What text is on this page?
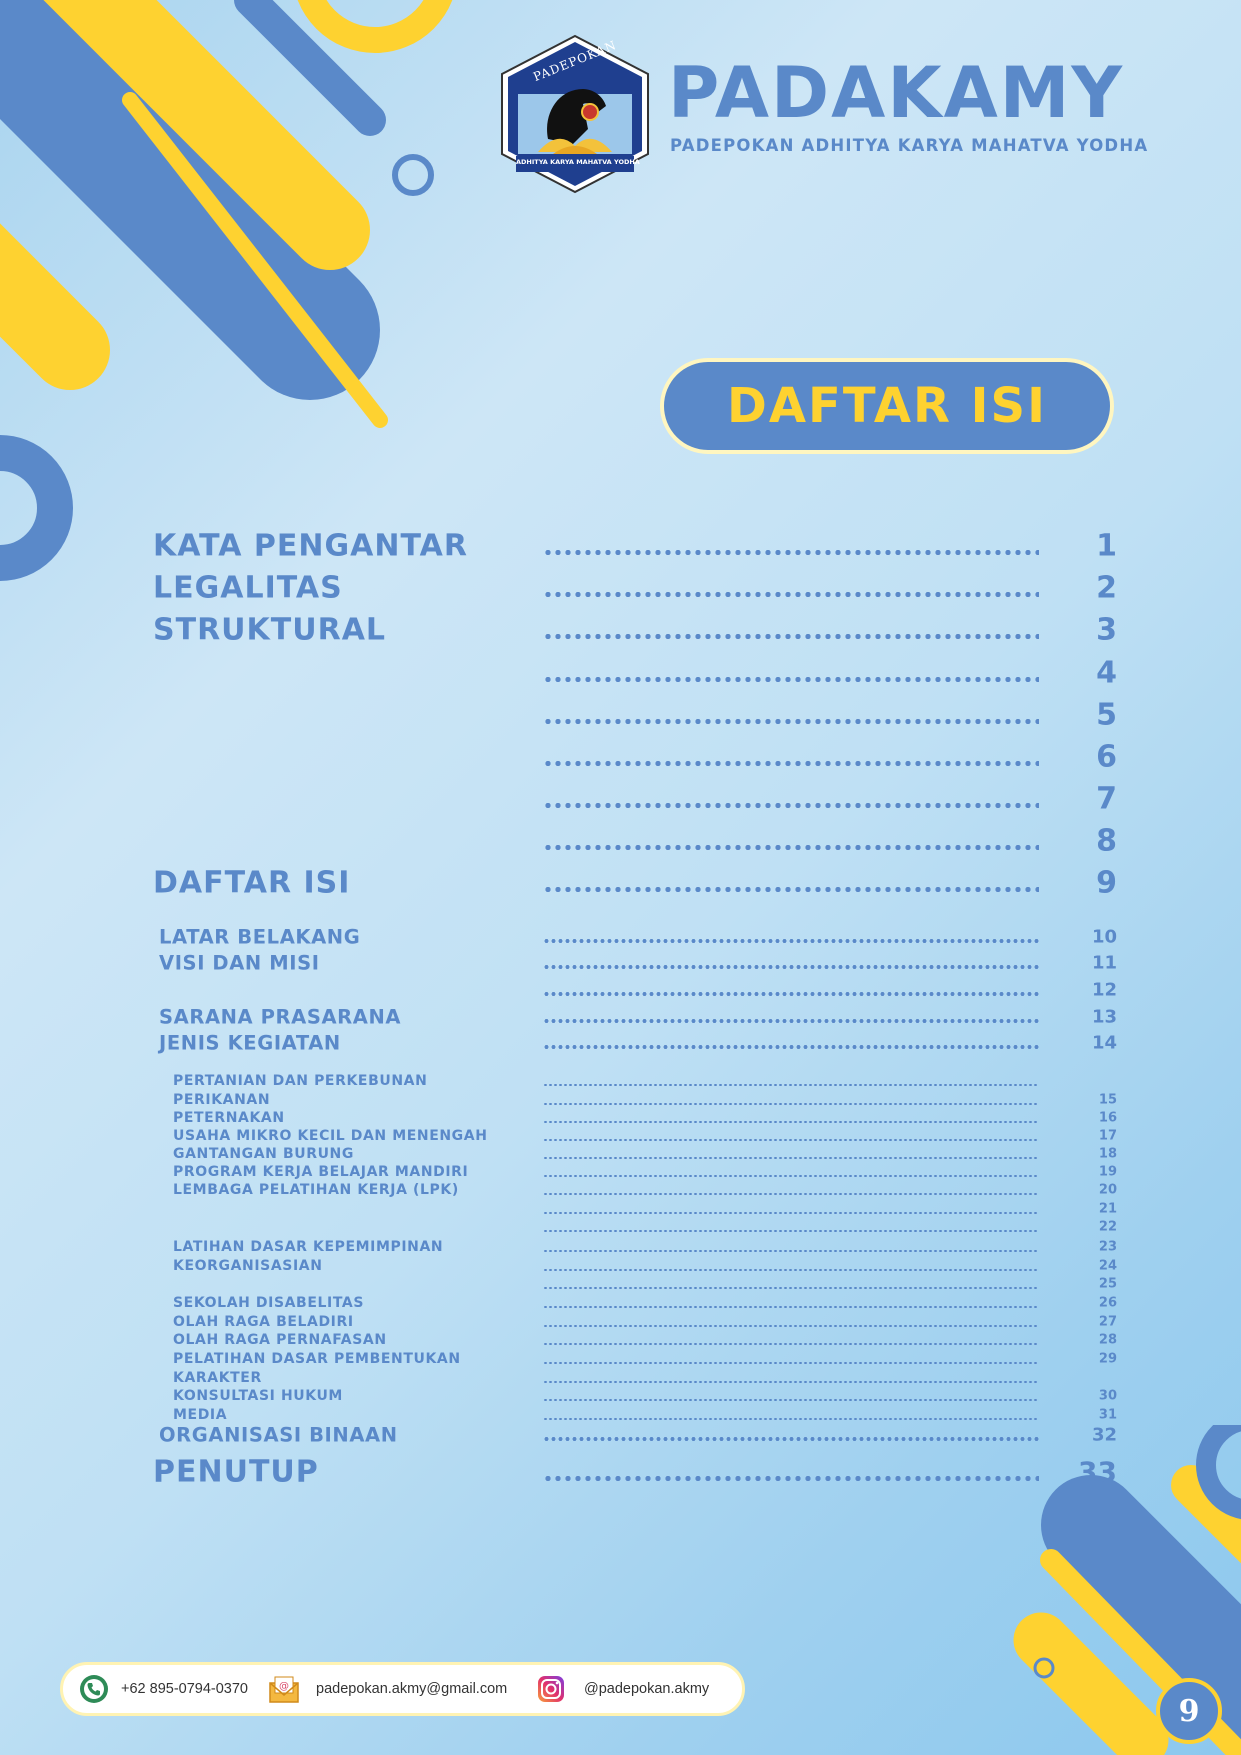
PADEPOKAN
ADHITYA KARYA MAHATVA YODHA
PADAKAMY
PADEPOKAN ADHITYA KARYA MAHATVA YODHA
DAFTAR ISI
KATA PENGANTAR	1
LEGALITAS	2
STRUKTURAL	3
4
5
6
7
8
DAFTAR ISI	9
LATAR BELAKANG	10
VISI DAN MISI	11
12
SARANA PRASARANA	13
JENIS KEGIATAN	14
PERTANIAN DAN PERKEBUNAN
PERIKANAN	15
PETERNAKAN	16
USAHA MIKRO KECIL DAN MENENGAH	17
GANTANGAN BURUNG	18
PROGRAM KERJA BELAJAR MANDIRI	19
LEMBAGA PELATIHAN KERJA (LPK)	20
21
22
LATIHAN DASAR KEPEMIMPINAN	23
KEORGANISASIAN	24
25
SEKOLAH DISABELITAS	26
OLAH RAGA BELADIRI	27
OLAH RAGA PERNAFASAN	28
PELATIHAN DASAR PEMBENTUKAN	29
KARAKTER
KONSULTASI HUKUM	30
MEDIA	31
ORGANISASI BINAAN	32
PENUTUP	33
+62 895-0794-0370	@ padepokan.akmy@gmail.com	@padepokan.akmy
9
